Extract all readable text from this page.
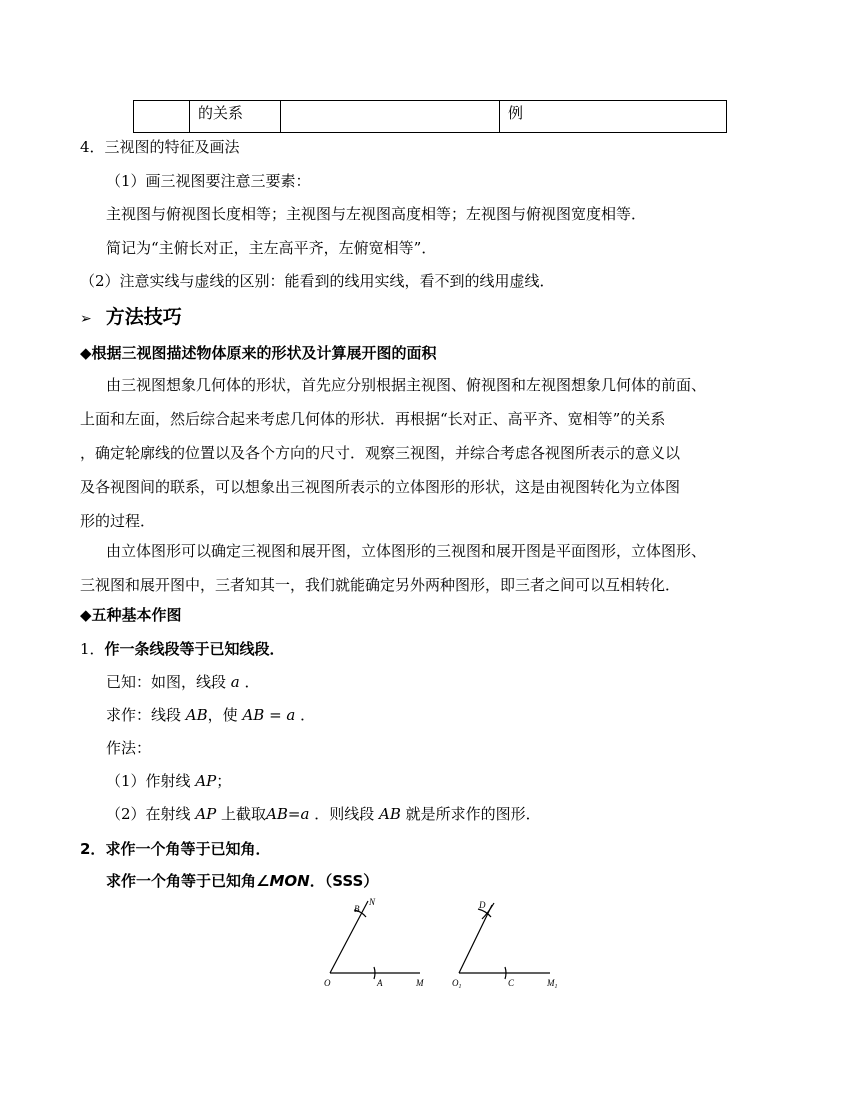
	的关系		例
4．三视图的特征及画法
（1）画三视图要注意三要素：
主视图与俯视图长度相等；主视图与左视图高度相等；左视图与俯视图宽度相等．
简记为“主俯长对正，主左高平齐，左俯宽相等”．
（2）注意实线与虚线的区别：能看到的线用实线，看不到的线用虚线．
➢ 方法技巧
◆根据三视图描述物体原来的形状及计算展开图的面积
由三视图想象几何体的形状，首先应分别根据主视图、俯视图和左视图想象几何体的前面、
上面和左面，然后综合起来考虑几何体的形状．再根据“长对正、高平齐、宽相等”的关系
，确定轮廓线的位置以及各个方向的尺寸．观察三视图，并综合考虑各视图所表示的意义以
及各视图间的联系，可以想象出三视图所表示的立体图形的形状，这是由视图转化为立体图
形的过程．
由立体图形可以确定三视图和展开图，立体图形的三视图和展开图是平面图形，立体图形、
三视图和展开图中，三者知其一，我们就能确定另外两种图形，即三者之间可以互相转化．
◆五种基本作图
1．作一条线段等于已知线段．
已知：如图，线段 a ．
求作：线段 AB，使 AB = a ．
作法：
（1）作射线 AP；
（2）在射线 AP 上截取AB=a ．则线段 AB 就是所求作的图形．
2．求作一个角等于已知角．
求作一个角等于已知角∠MON．（SSS）
O	A	M
B
N
$O_1$	C	$M_1$
D
